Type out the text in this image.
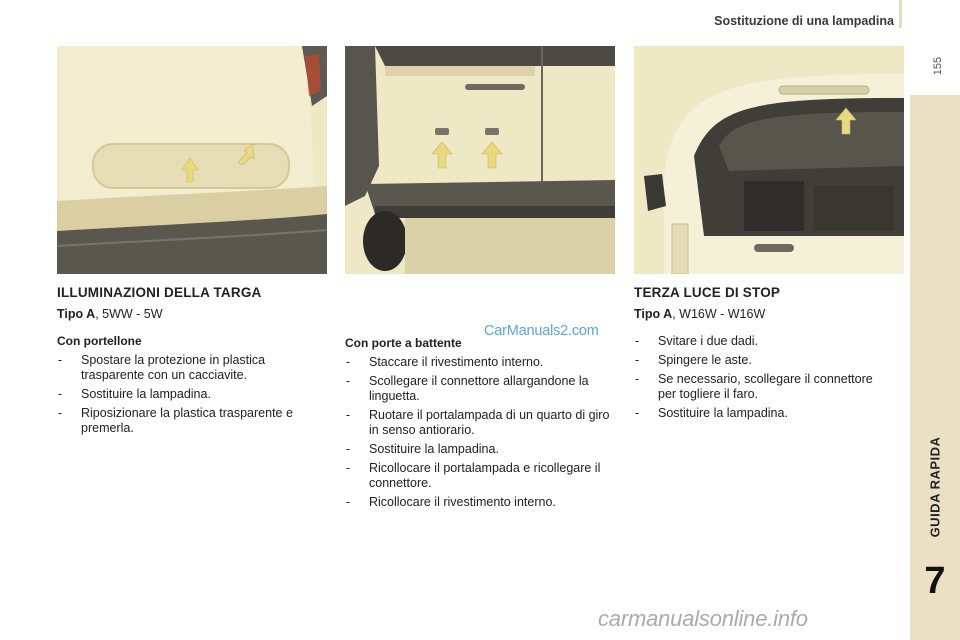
Sostituzione di una lampadina
155
GUIDA RAPIDA
7
ILLUMINAZIONI DELLA TARGA

Tipo A, 5WW - 5W

Con portellone

- Spostare la protezione in plastica trasparente con un cacciavite.
- Sostituire la lampadina.
- Riposizionare la plastica trasparente e premerla.

Con porte a battente

- Staccare il rivestimento interno.
- Scollegare il connettore allargandone la linguetta.
- Ruotare il portalampada di un quarto di giro in senso antiorario.
- Sostituire la lampadina.
- Ricollocare il portalampada e ricollegare il connettore.
- Ricollocare il rivestimento interno.
TERZA LUCE DI STOP

Tipo A, W16W - W16W

- Svitare i due dadi.
- Spingere le aste.
- Se necessario, scollegare il connettore per togliere il faro.
- Sostituire la lampadina.
CarManuals2.com
carmanualsonline.info
